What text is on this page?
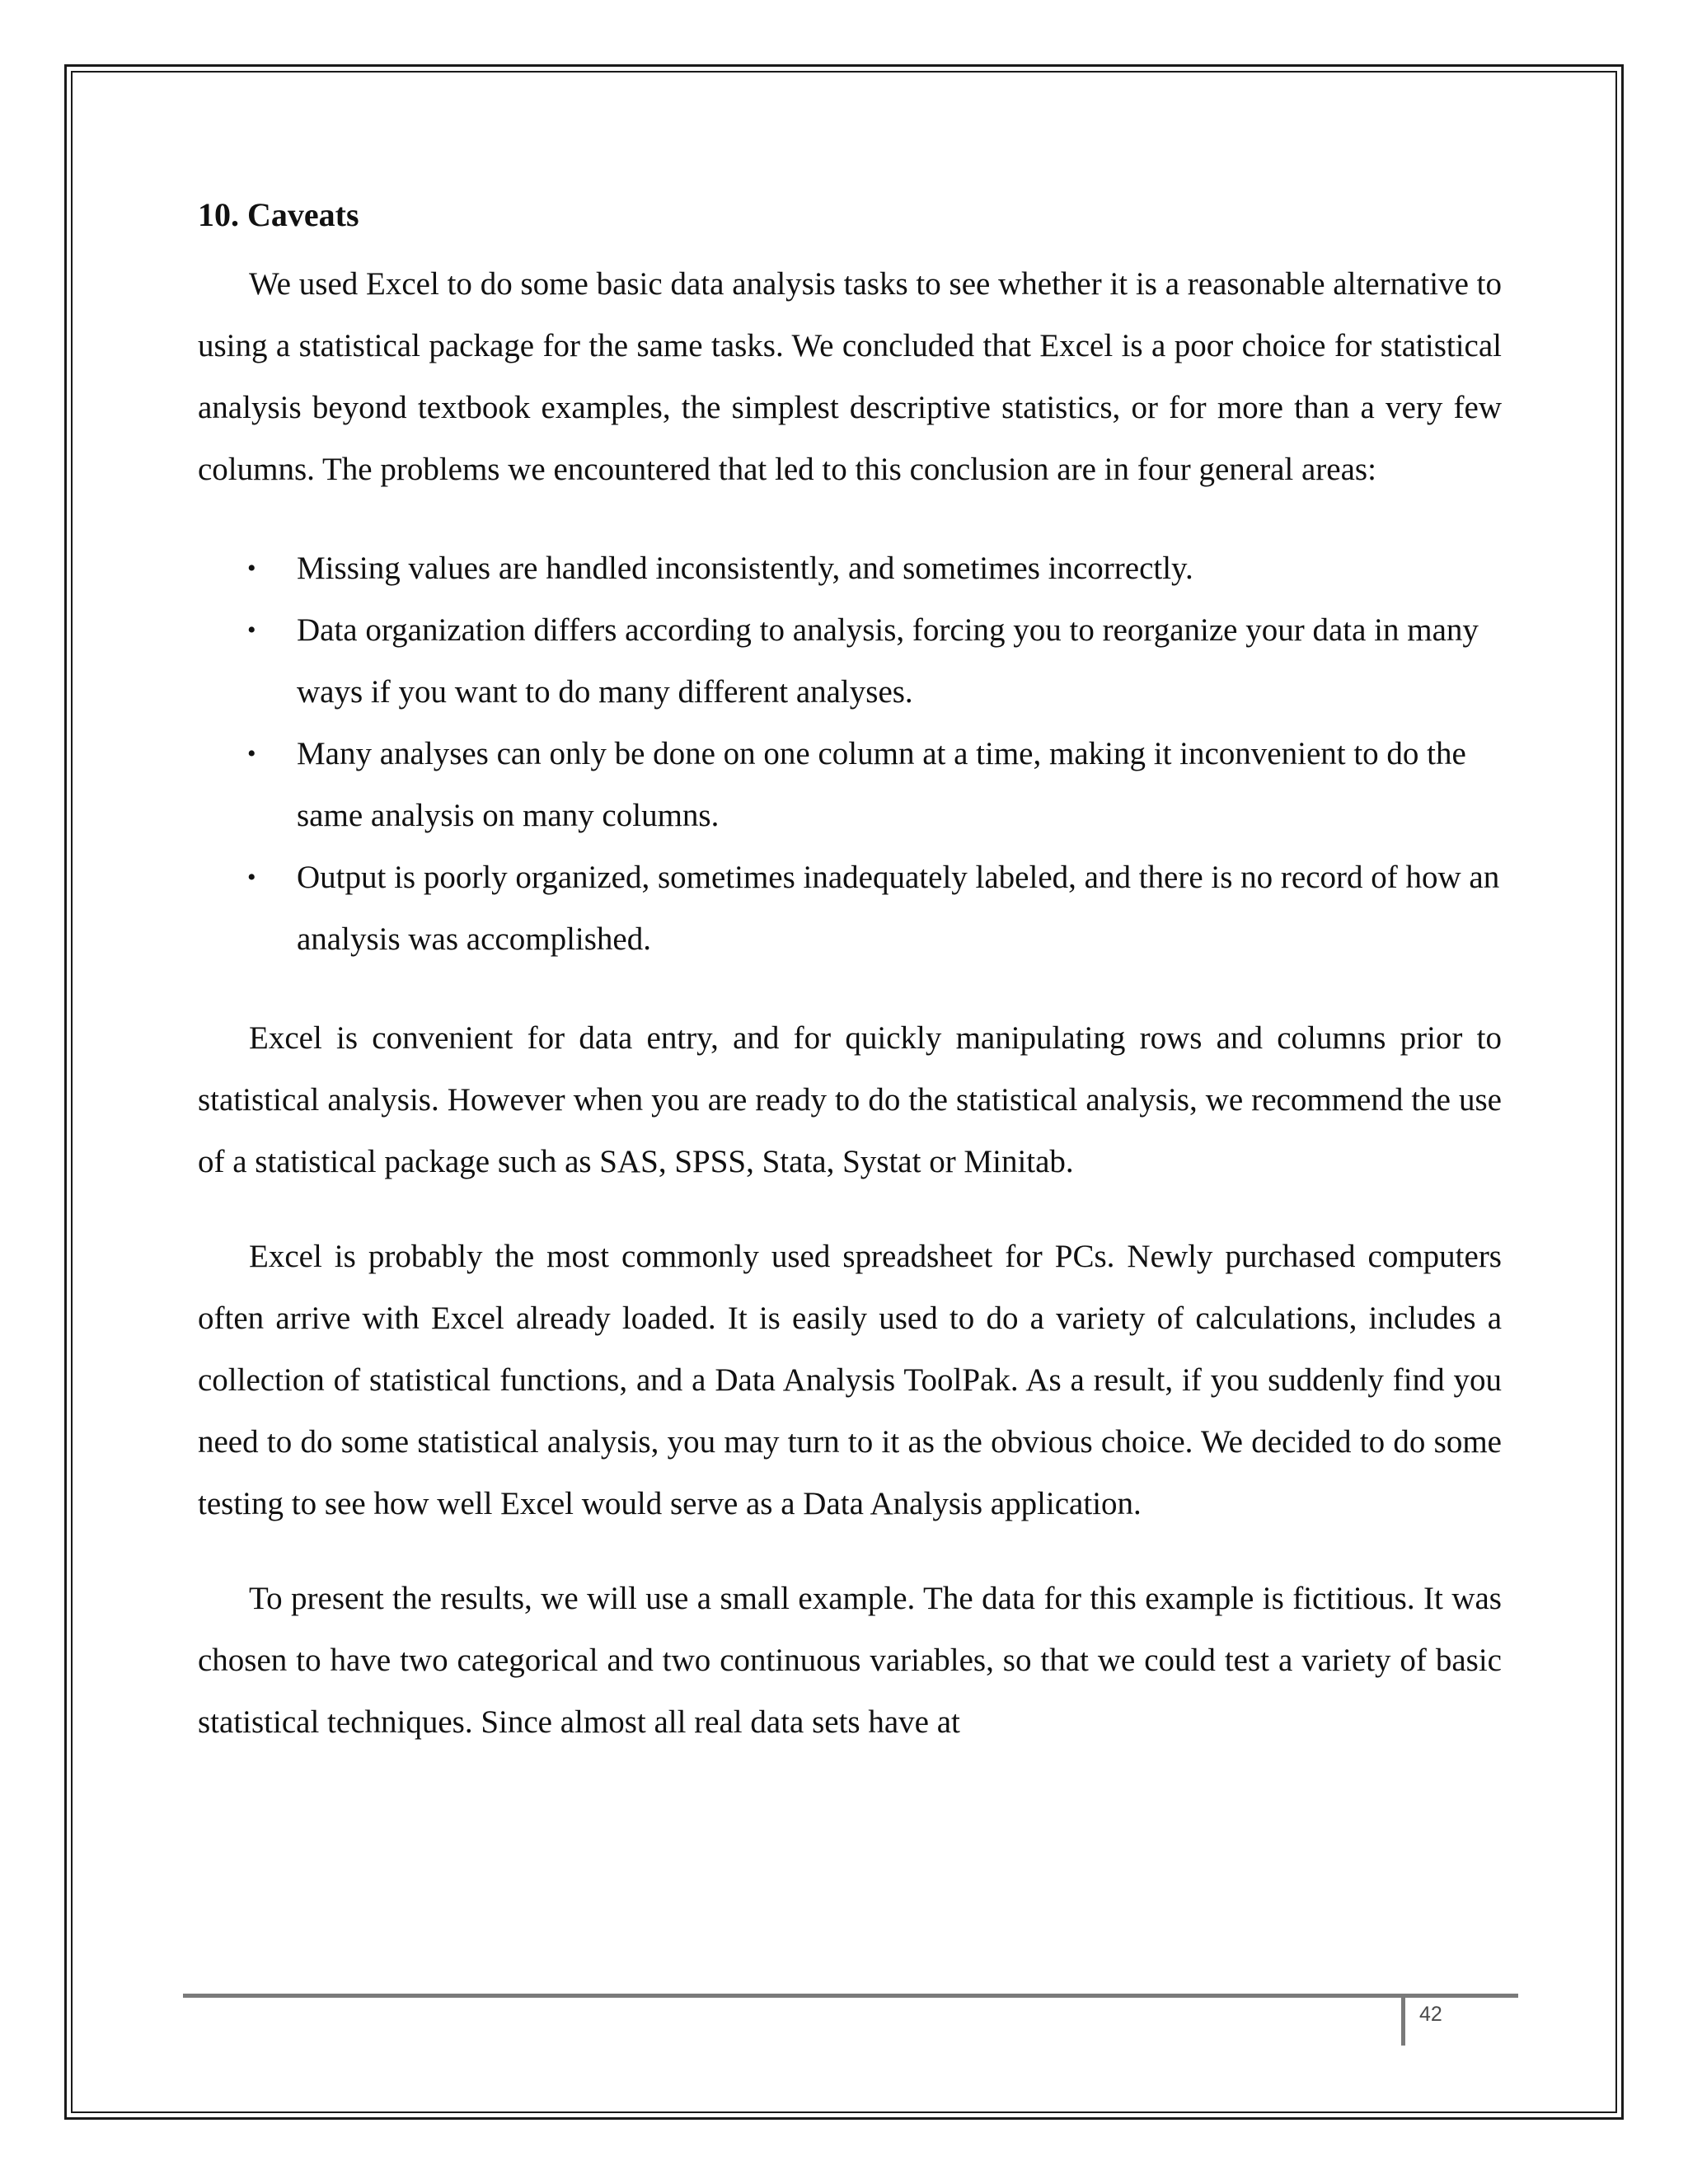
10. Caveats

We used Excel to do some basic data analysis tasks to see whether it is a reasonable alternative to using a statistical package for the same tasks. We concluded that Excel is a poor choice for statistical analysis beyond textbook examples, the simplest descriptive statistics, or for more than a very few columns. The problems we encountered that led to this conclusion are in four general areas:

• Missing values are handled inconsistently, and sometimes incorrectly.
• Data organization differs according to analysis, forcing you to reorganize your data in many ways if you want to do many different analyses.
• Many analyses can only be done on one column at a time, making it inconvenient to do the same analysis on many columns.
• Output is poorly organized, sometimes inadequately labeled, and there is no record of how an analysis was accomplished.

Excel is convenient for data entry, and for quickly manipulating rows and columns prior to statistical analysis. However when you are ready to do the statistical analysis, we recommend the use of a statistical package such as SAS, SPSS, Stata, Systat or Minitab.

Excel is probably the most commonly used spreadsheet for PCs. Newly purchased computers often arrive with Excel already loaded. It is easily used to do a variety of calculations, includes a collection of statistical functions, and a Data Analysis ToolPak. As a result, if you suddenly find you need to do some statistical analysis, you may turn to it as the obvious choice. We decided to do some testing to see how well Excel would serve as a Data Analysis application.

To present the results, we will use a small example. The data for this example is fictitious. It was chosen to have two categorical and two continuous variables, so that we could test a variety of basic statistical techniques. Since almost all real data sets have at

42
